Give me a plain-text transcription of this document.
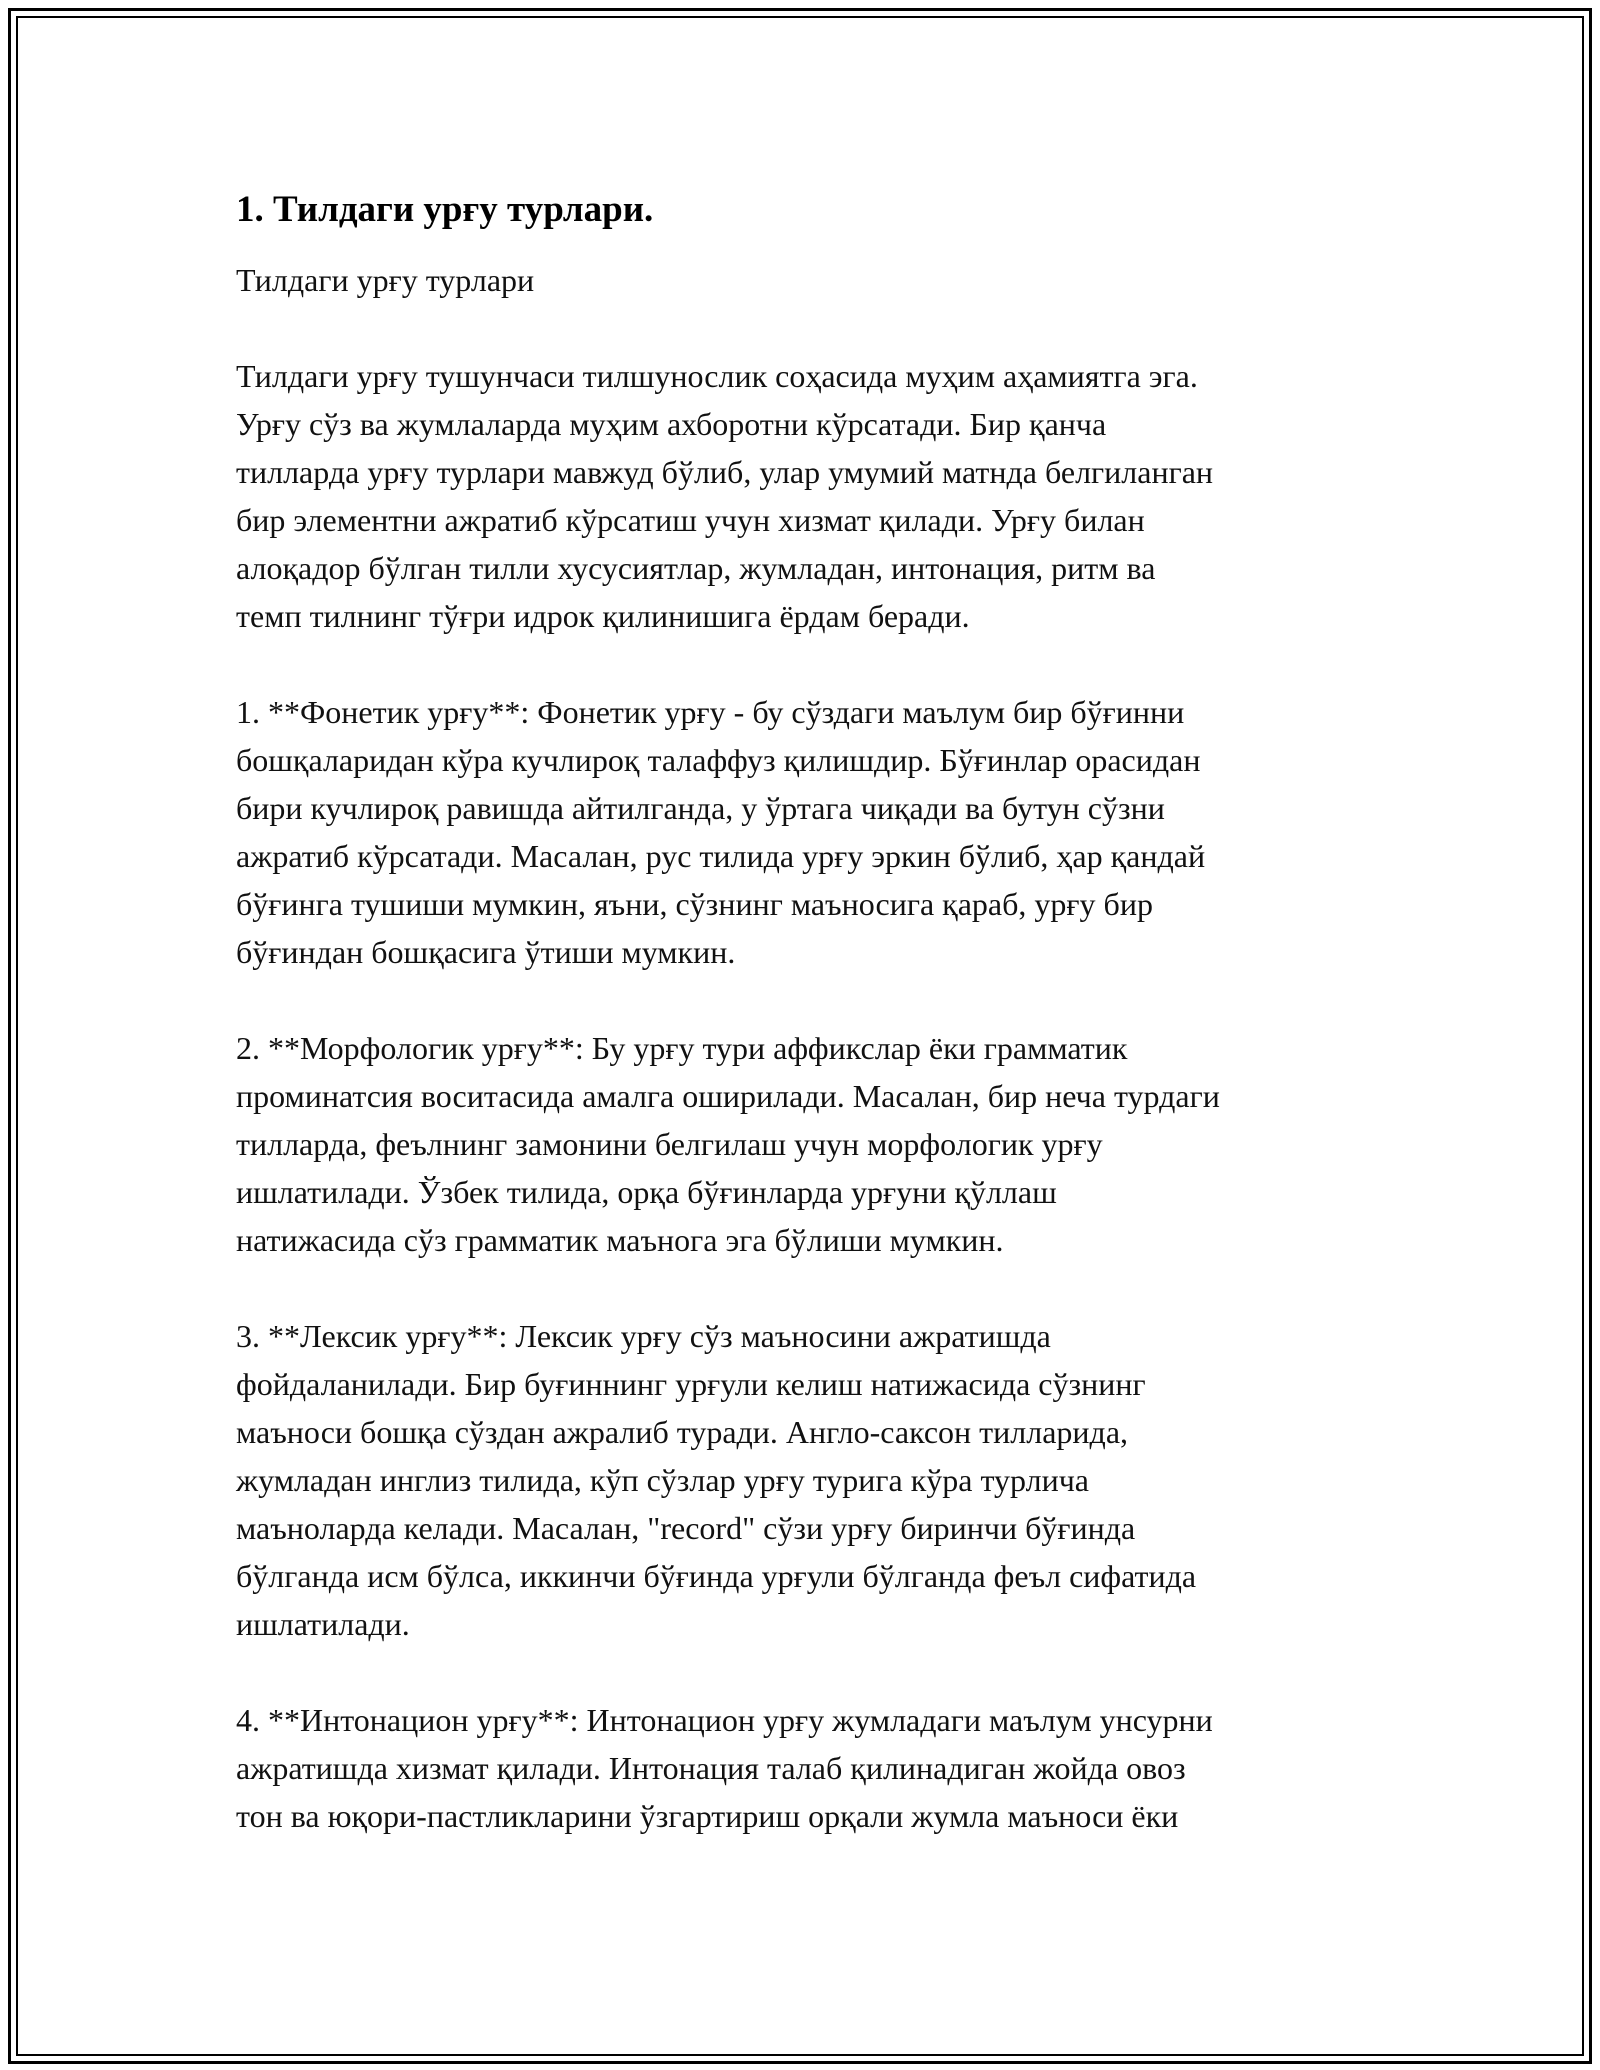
1. Тилдаги урғу турлари.
Тилдаги урғу турлари
Тилдаги урғу тушунчаси тилшунослик соҳасида муҳим аҳамиятга эга.
Урғу сўз ва жумлаларда муҳим ахборотни кўрсатади. Бир қанча
тилларда урғу турлари мавжуд бўлиб, улар умумий матнда белгиланган
бир элементни ажратиб кўрсатиш учун хизмат қилади. Урғу билан
алоқадор бўлган тилли хусусиятлар, жумладан, интонация, ритм ва
темп тилнинг тўғри идрок қилинишига ёрдам беради.
1. **Фонетик урғу**: Фонетик урғу - бу сўздаги маълум бир бўғинни
бошқаларидан кўра кучлироқ талаффуз қилишдир. Бўғинлар орасидан
бири кучлироқ равишда айтилганда, у ўртага чиқади ва бутун сўзни
ажратиб кўрсатади. Масалан, рус тилида урғу эркин бўлиб, ҳар қандай
бўғинга тушиши мумкин, яъни, сўзнинг маъносига қараб, урғу бир
бўғиндан бошқасига ўтиши мумкин.
2. **Морфологик урғу**: Бу урғу тури аффикслар ёки грамматик
проминатсия воситасида амалга оширилади. Масалан, бир неча турдаги
тилларда, феълнинг замонини белгилаш учун морфологик урғу
ишлатилади. Ўзбек тилида, орқа бўғинларда урғуни қўллаш
натижасида сўз грамматик маънога эга бўлиши мумкин.
3. **Лексик урғу**: Лексик урғу сўз маъносини ажратишда
фойдаланилади. Бир буғиннинг урғули келиш натижасида сўзнинг
маъноси бошқа сўздан ажралиб туради. Англо-саксон тилларида,
жумладан инглиз тилида, кўп сўзлар урғу турига кўра турлича
маъноларда келади. Масалан, "record" сўзи урғу биринчи бўғинда
бўлганда исм бўлса, иккинчи бўғинда урғули бўлганда феъл сифатида
ишлатилади.
4. **Интонацион урғу**: Интонацион урғу жумладаги маълум унсурни
ажратишда хизмат қилади. Интонация талаб қилинадиган жойда овоз
тон ва юқори-пастликларини ўзгартириш орқали жумла маъноси ёки
